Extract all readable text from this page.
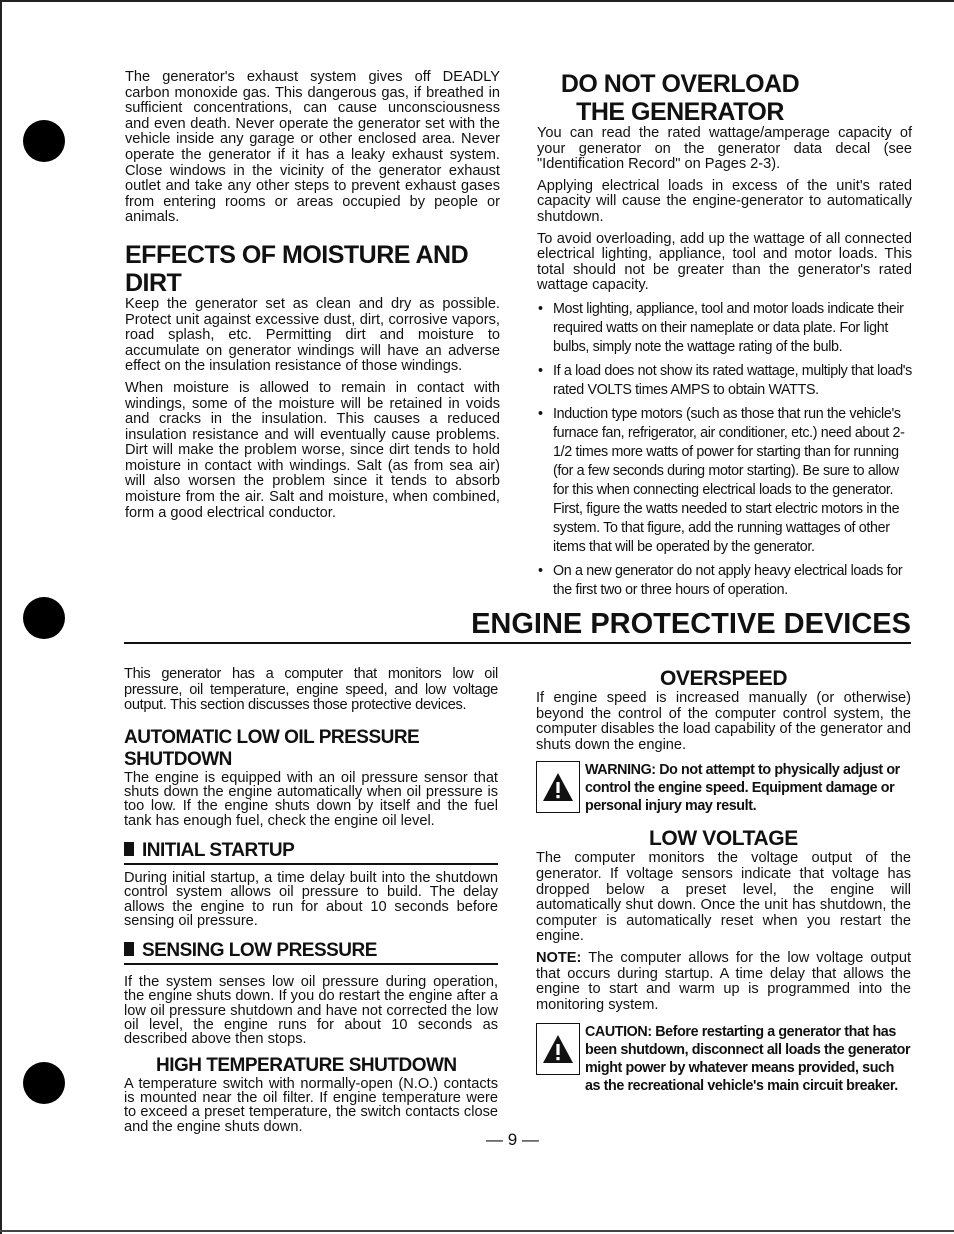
The generator's exhaust system gives off DEADLY carbon monoxide gas. This dangerous gas, if breathed in sufficient concentrations, can cause unconsciousness and even death. Never operate the generator set with the vehicle inside any garage or other enclosed area. Never operate the generator if it has a leaky exhaust system. Close windows in the vicinity of the generator exhaust outlet and take any other steps to prevent exhaust gases from entering rooms or areas occupied by people or animals.

EFFECTS OF MOISTURE AND DIRT

Keep the generator set as clean and dry as possible. Protect unit against excessive dust, dirt, corrosive vapors, road splash, etc. Permitting dirt and moisture to accumulate on generator windings will have an adverse effect on the insulation resistance of those windings.

When moisture is allowed to remain in contact with windings, some of the moisture will be retained in voids and cracks in the insulation. This causes a reduced insulation resistance and will eventually cause problems. Dirt will make the problem worse, since dirt tends to hold moisture in contact with windings. Salt (as from sea air) will also worsen the problem since it tends to absorb moisture from the air. Salt and moisture, when combined, form a good electrical conductor.

DO NOT OVERLOAD
THE GENERATOR

You can read the rated wattage/amperage capacity of your generator on the generator data decal (see "Identification Record" on Pages 2-3).

Applying electrical loads in excess of the unit's rated capacity will cause the engine-generator to automatically shutdown.

To avoid overloading, add up the wattage of all connected electrical lighting, appliance, tool and motor loads. This total should not be greater than the generator's rated wattage capacity.

• Most lighting, appliance, tool and motor loads indicate their required watts on their nameplate or data plate. For light bulbs, simply note the wattage rating of the bulb.
• If a load does not show its rated wattage, multiply that load's rated VOLTS times AMPS to obtain WATTS.
• Induction type motors (such as those that run the vehicle's furnace fan, refrigerator, air conditioner, etc.) need about 2-1/2 times more watts of power for starting than for running (for a few seconds during motor starting). Be sure to allow for this when connecting electrical loads to the generator. First, figure the watts needed to start electric motors in the system. To that figure, add the running wattages of other items that will be operated by the generator.
• On a new generator do not apply heavy electrical loads for the first two or three hours of operation.
ENGINE PROTECTIVE DEVICES

This generator has a computer that monitors low oil pressure, oil temperature, engine speed, and low voltage output. This section discusses those protective devices.

AUTOMATIC LOW OIL PRESSURE SHUTDOWN

The engine is equipped with an oil pressure sensor that shuts down the engine automatically when oil pressure is too low. If the engine shuts down by itself and the fuel tank has enough fuel, check the engine oil level.

INITIAL STARTUP

During initial startup, a time delay built into the shutdown control system allows oil pressure to build. The delay allows the engine to run for about 10 seconds before sensing oil pressure.

SENSING LOW PRESSURE

If the system senses low oil pressure during operation, the engine shuts down. If you do restart the engine after a low oil pressure shutdown and have not corrected the low oil level, the engine runs for about 10 seconds as described above then stops.

HIGH TEMPERATURE SHUTDOWN

A temperature switch with normally-open (N.O.) contacts is mounted near the oil filter. If engine temperature were to exceed a preset temperature, the switch contacts close and the engine shuts down.

OVERSPEED

If engine speed is increased manually (or otherwise) beyond the control of the computer control system, the computer disables the load capability of the generator and shuts down the engine.

WARNING: Do not attempt to physically adjust or control the engine speed. Equipment damage or personal injury may result.
LOW VOLTAGE

The computer monitors the voltage output of the generator. If voltage sensors indicate that voltage has dropped below a preset level, the engine will automatically shut down. Once the unit has shutdown, the computer is automatically reset when you restart the engine.

NOTE: The computer allows for the low voltage output that occurs during startup. A time delay that allows the engine to start and warm up is programmed into the monitoring system.

CAUTION: Before restarting a generator that has been shutdown, disconnect all loads the generator might power by whatever means provided, such as the recreational vehicle's main circuit breaker.
— 9 —
